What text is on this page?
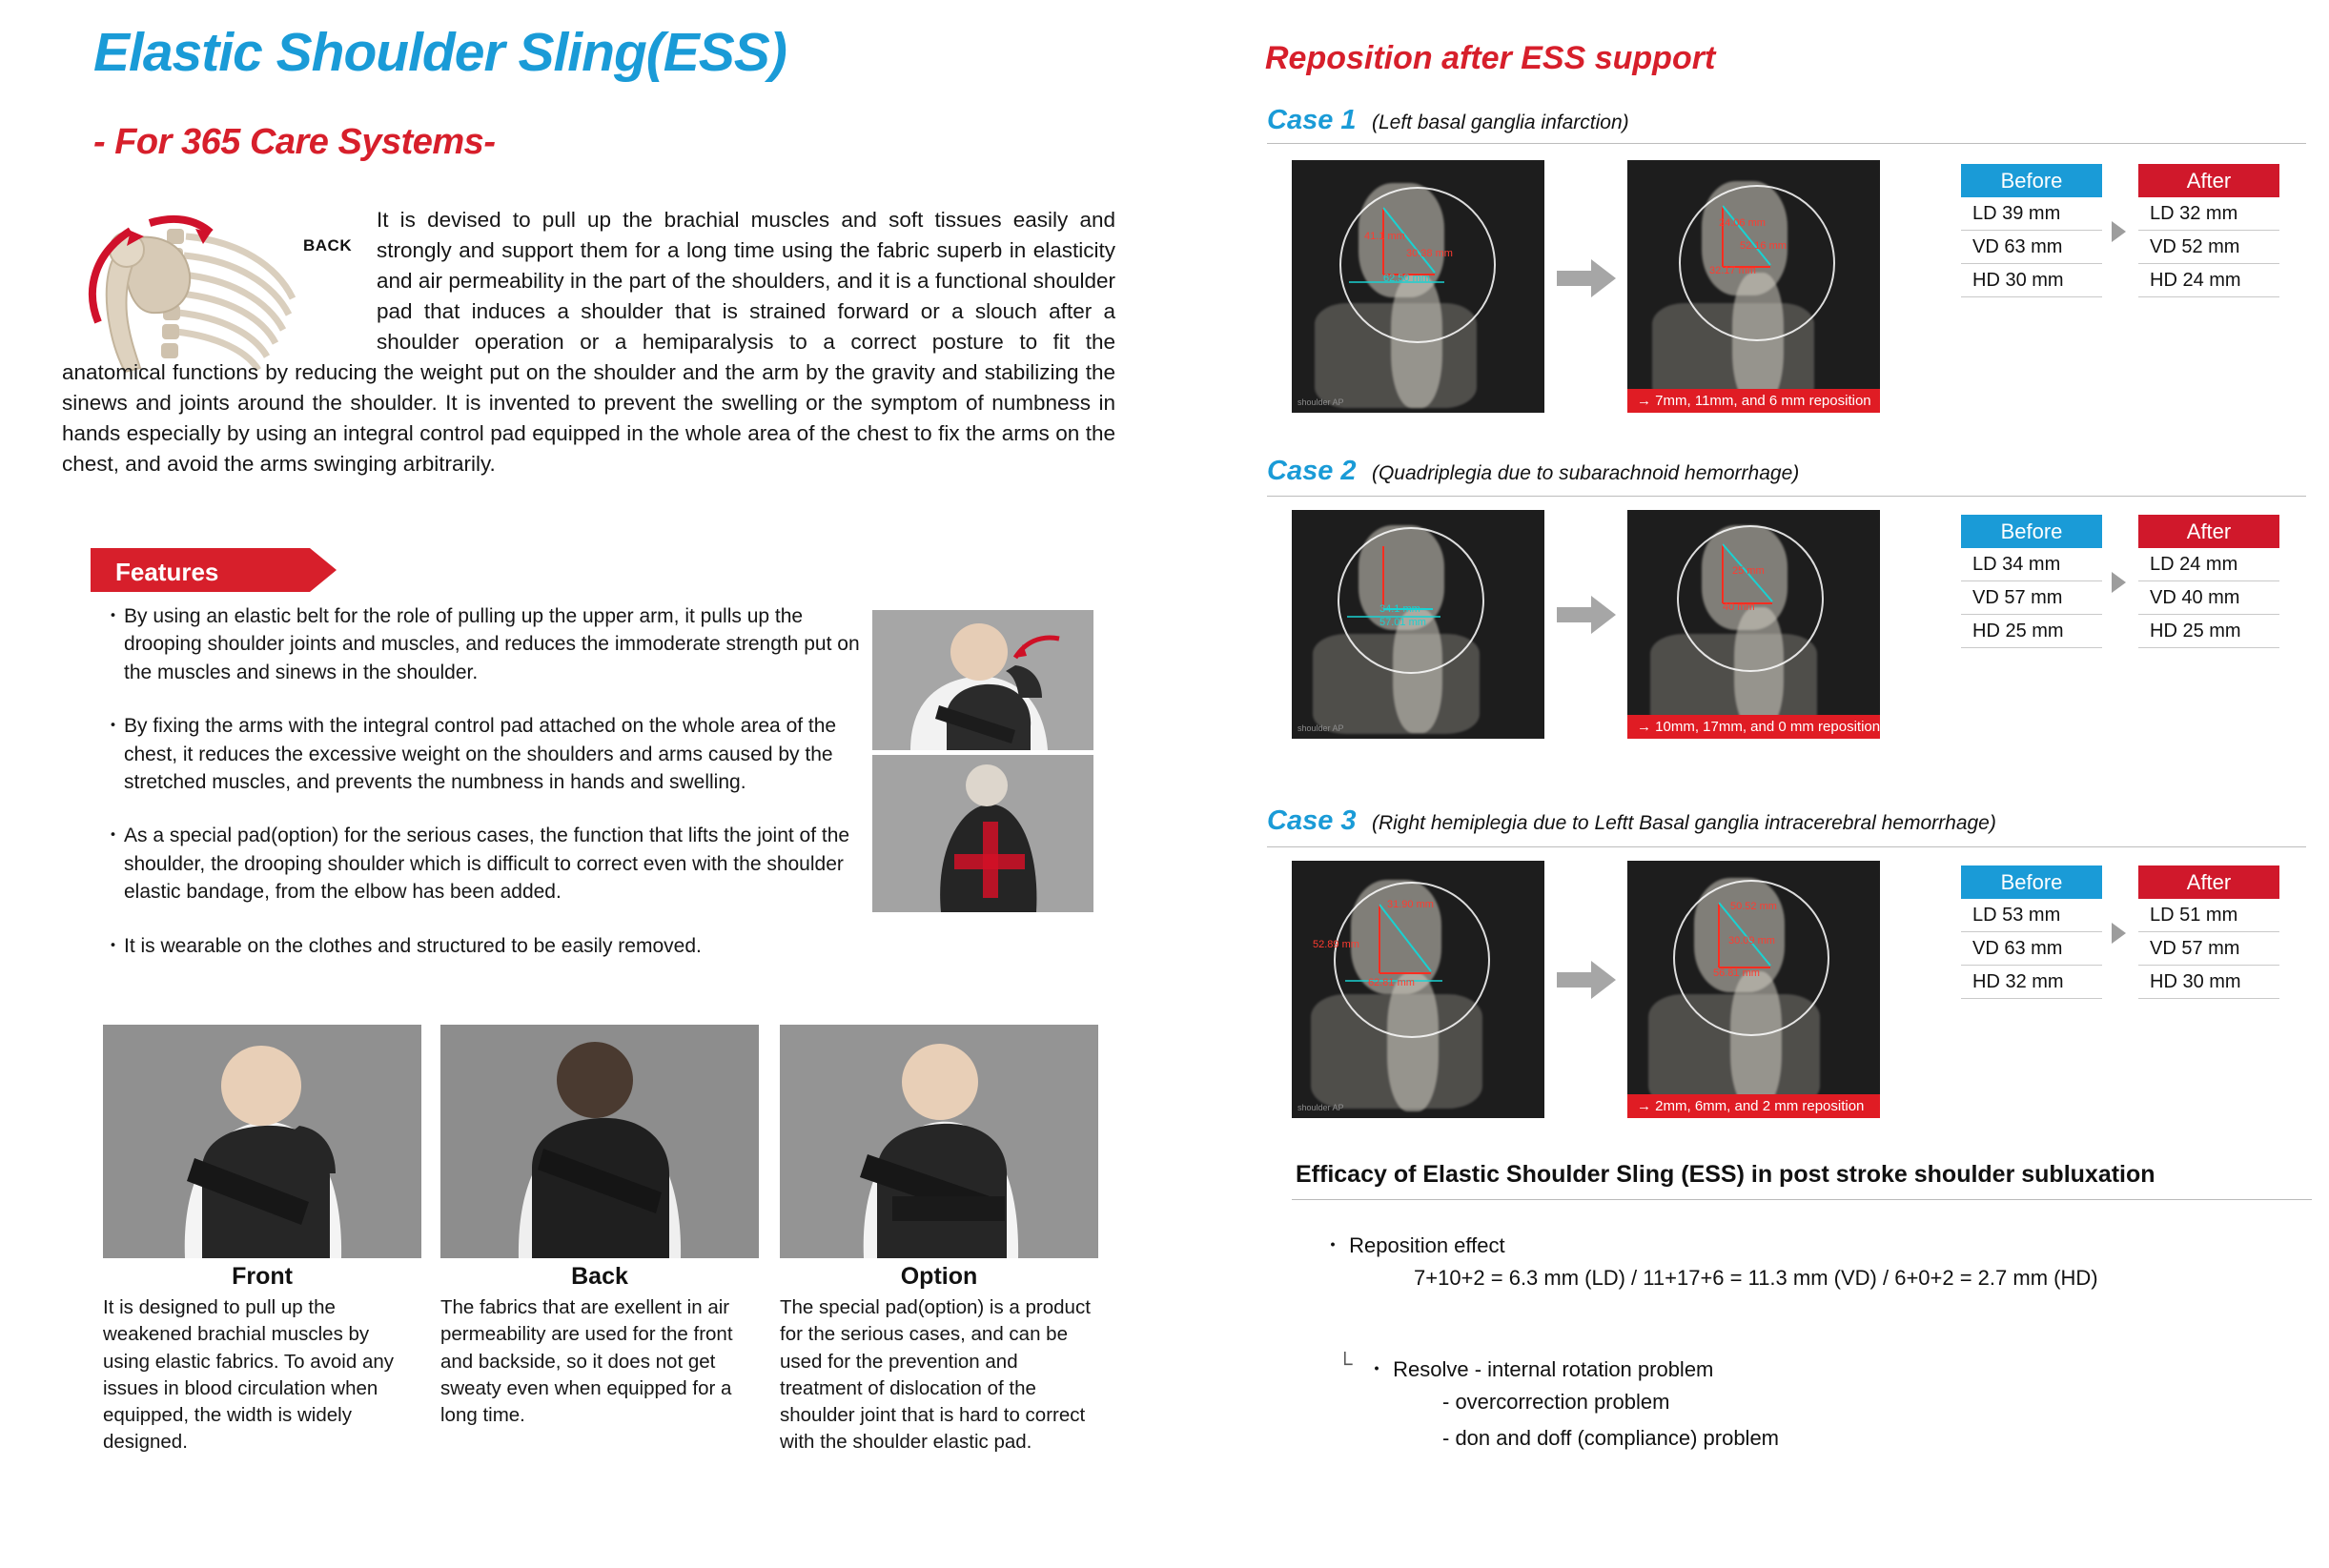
Elastic Shoulder Sling(ESS)
- For 365 Care Systems-
BACK
It is devised to pull up the brachial muscles and soft tissues easily and strongly and support them for a long time using the fabric superb in elasticity and air permeability in the part of the shoulders, and it is a functional shoulder pad that induces a shoulder that is strained forward or a slouch after a shoulder operation or a hemiparalysis to a correct posture to fit the anatomical functions by reducing the weight put on the shoulder and the arm by the gravity and stabilizing the sinews and joints around the shoulder. It is invented to prevent the swelling or the symptom of numbness in hands especially by using an integral control pad equipped in the whole area of the chest to fix the arms on the chest, and avoid the arms swinging arbitrarily.
Features
・ By using an elastic belt for the role of pulling up the upper arm, it pulls up the drooping shoulder joints and muscles, and reduces the immoderate strength put on the muscles and sinews in the shoulder.
・ By fixing the arms with the integral control pad attached on the whole area of the chest, it reduces the excessive weight on the shoulders and arms caused by the stretched muscles, and prevents the numbness in hands and swelling.
・ As a special pad(option) for the serious cases, the function that lifts the joint of the shoulder, the drooping shoulder which is difficult to correct even with the shoulder elastic bandage, from the elbow has been added.
・ It is wearable on the clothes and structured to be easily removed.
Front	Back	Option
It is designed to pull up the weakened brachial muscles by using elastic fabrics. To avoid any issues in blood circulation when equipped, the width is widely designed.
The fabrics that are exellent in air permeability are used for the front and backside, so it does not get sweaty even when equipped for a long time.
The special pad(option) is a product for the serious cases, and can be used for the prevention and treatment of dislocation of the shoulder joint that is hard to correct with the shoulder elastic pad.
Reposition after ESS support
Case 1 (Left basal ganglia infarction)
30.38 mm
62.50 mm
41.1 mm
shoulder AP
52.16 mm
32.17 mm
24.06 mm
→ 7mm, 11mm, and 6 mm reposition
Before
LD 39 mm
VD 63 mm
HD 30 mm
After
LD 32 mm
VD 52 mm
HD 24 mm
Case 2 (Quadriplegia due to subarachnoid hemorrhage)
34.1 mm
57.01 mm
shoulder AP
25 mm
40 mm
→ 10mm, 17mm, and 0 mm reposition
Before
LD 34 mm
VD 57 mm
HD 25 mm
After
LD 24 mm
VD 40 mm
HD 25 mm
Case 3 (Right hemiplegia due to Leftt Basal ganglia intracerebral hemorrhage)
31.90 mm
52.89 mm
62.81 mm
shoulder AP
50.52 mm
30.09 mm
56.81 mm
→ 2mm, 6mm, and 2 mm reposition
Before
LD 53 mm
VD 63 mm
HD 32 mm
After
LD 51 mm
VD 57 mm
HD 30 mm
Efficacy of Elastic Shoulder Sling (ESS) in post stroke shoulder subluxation
・ Reposition effect
7+10+2 = 6.3 mm (LD) / 11+17+6 = 11.3 mm (VD) / 6+0+2 = 2.7 mm (HD)
└ ・ Resolve - internal rotation problem
- overcorrection problem
- don and doff (compliance) problem
